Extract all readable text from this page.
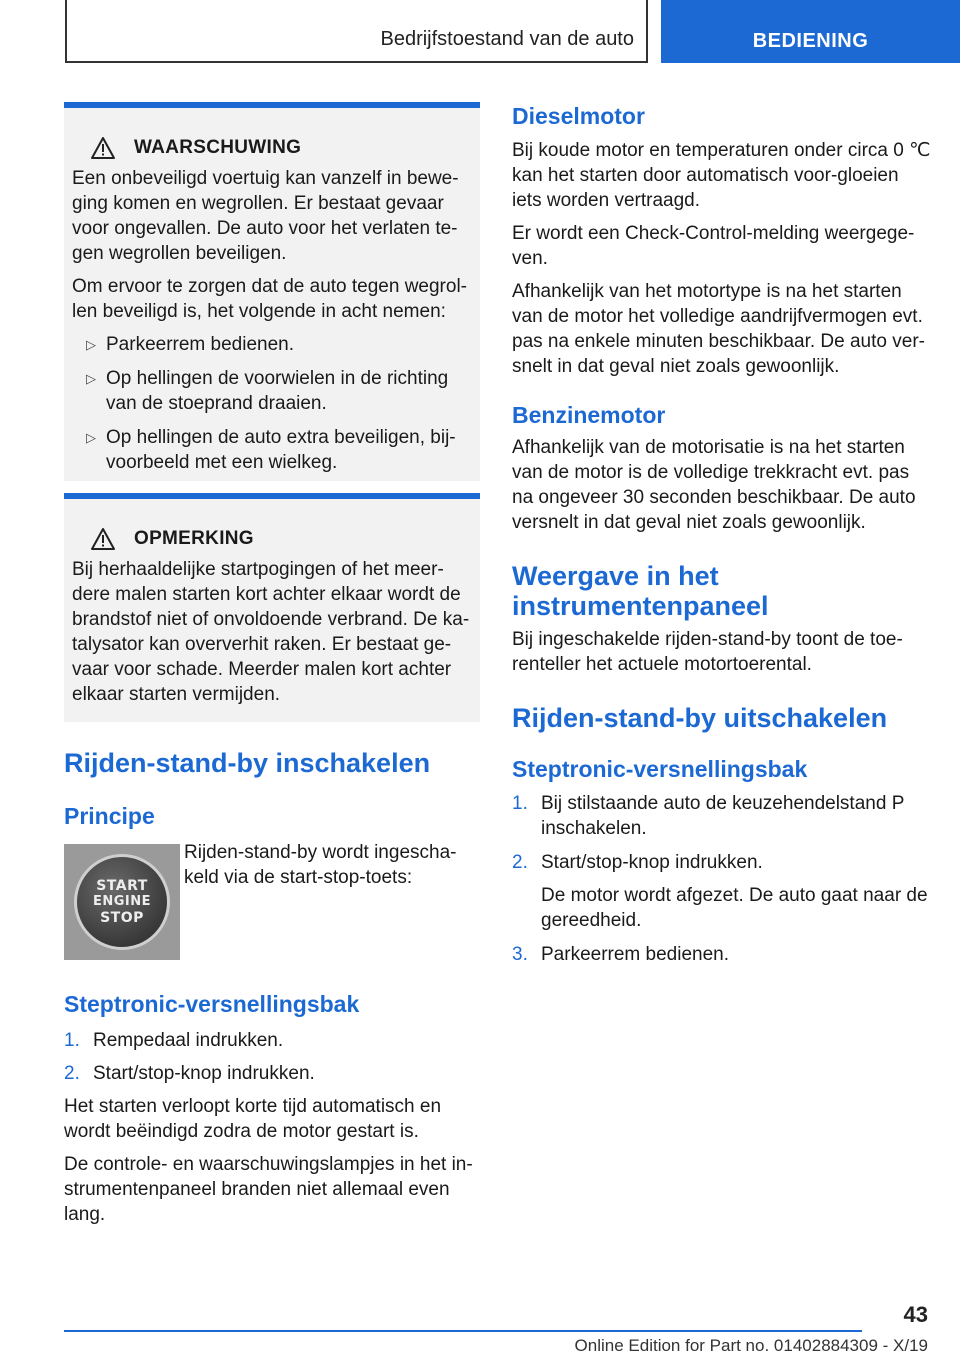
Bedrijfstoestand van de auto	BEDIENING
WAARSCHUWING

Een onbeveiligd voertuig kan vanzelf in bewe-ging komen en wegrollen. Er bestaat gevaar voor ongevallen. De auto voor het verlaten te-gen wegrollen beveiligen.

Om ervoor te zorgen dat de auto tegen wegrol-len beveiligd is, het volgende in acht nemen:

▷ Parkeerrem bedienen.
▷ Op hellingen de voorwielen in de richting van de stoeprand draaien.
▷ Op hellingen de auto extra beveiligen, bij-voorbeeld met een wielkeg.
OPMERKING

Bij herhaaldelijke startpogingen of het meer-dere malen starten kort achter elkaar wordt de brandstof niet of onvoldoende verbrand. De ka-talysator kan oververhit raken. Er bestaat ge-vaar voor schade. Meerder malen kort achter elkaar starten vermijden.

Rijden-stand-by inschakelen
Principe
START
ENGINE
STOP

Rijden-stand-by wordt ingescha-keld via de start-stop-toets:

Steptronic-versnellingsbak
1. Rempedaal indrukken.
2. Start/stop-knop indrukken.

Het starten verloopt korte tijd automatisch en wordt beëindigd zodra de motor gestart is.

De controle- en waarschuwingslampjes in het in-strumentenpaneel branden niet allemaal even lang.

Dieselmotor

Bij koude motor en temperaturen onder circa 0 ℃ kan het starten door automatisch voor-gloeien iets worden vertraagd.

Er wordt een Check-Control-melding weergege-ven.

Afhankelijk van het motortype is na het starten van de motor het volledige aandrijfvermogen evt. pas na enkele minuten beschikbaar. De auto ver-snelt in dat geval niet zoals gewoonlijk.

Benzinemotor

Afhankelijk van de motorisatie is na het starten van de motor is de volledige trekkracht evt. pas na ongeveer 30 seconden beschikbaar. De auto versnelt in dat geval niet zoals gewoonlijk.

Weergave in het instrumentenpaneel

Bij ingeschakelde rijden-stand-by toont de toe-renteller het actuele motortoerental.

Rijden-stand-by uitschakelen
Steptronic-versnellingsbak
1. Bij stilstaande auto de keuzehendelstand P inschakelen.
2. Start/stop-knop indrukken.
De motor wordt afgezet. De auto gaat naar de gereedheid.
3. Parkeerrem bedienen.
43
Online Edition for Part no. 01402884309 - X/19
